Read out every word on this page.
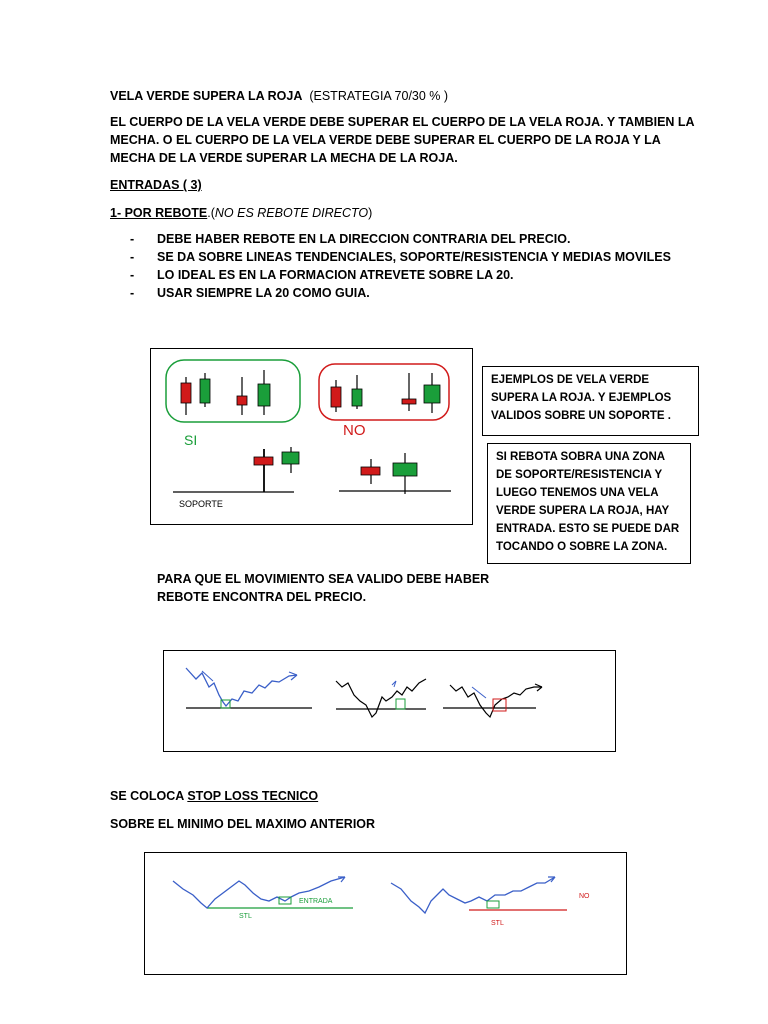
VELA VERDE SUPERA LA ROJA (ESTRATEGIA 70/30 % )
EL CUERPO DE LA VELA VERDE DEBE SUPERAR EL CUERPO DE LA VELA ROJA. Y TAMBIEN LA
MECHA. O EL CUERPO DE LA VELA VERDE DEBE SUPERAR EL CUERPO DE LA ROJA Y LA
MECHA DE LA VERDE SUPERAR LA MECHA DE LA ROJA.
ENTRADAS ( 3)
1- POR REBOTE.(NO ES REBOTE DIRECTO)
- DEBE HABER REBOTE EN LA DIRECCION CONTRARIA DEL PRECIO.
- SE DA SOBRE LINEAS TENDENCIALES, SOPORTE/RESISTENCIA Y MEDIAS MOVILES
- LO IDEAL ES EN LA FORMACION ATREVETE SOBRE LA 20.
- USAR SIEMPRE LA 20 COMO GUIA.
SI
NO
SOPORTE
EJEMPLOS DE VELA VERDE
SUPERA LA ROJA. Y EJEMPLOS
VALIDOS SOBRE UN SOPORTE .
SI REBOTA SOBRA UNA ZONA
DE SOPORTE/RESISTENCIA Y
LUEGO TENEMOS UNA VELA
VERDE SUPERA LA ROJA, HAY
ENTRADA. ESTO SE PUEDE DAR
TOCANDO O SOBRE LA ZONA.
PARA QUE EL MOVIMIENTO SEA VALIDO DEBE HABER
REBOTE ENCONTRA DEL PRECIO.
SE COLOCA STOP LOSS TECNICO
SOBRE EL MINIMO DEL MAXIMO ANTERIOR
ENTRADA
STL
STL
NO
